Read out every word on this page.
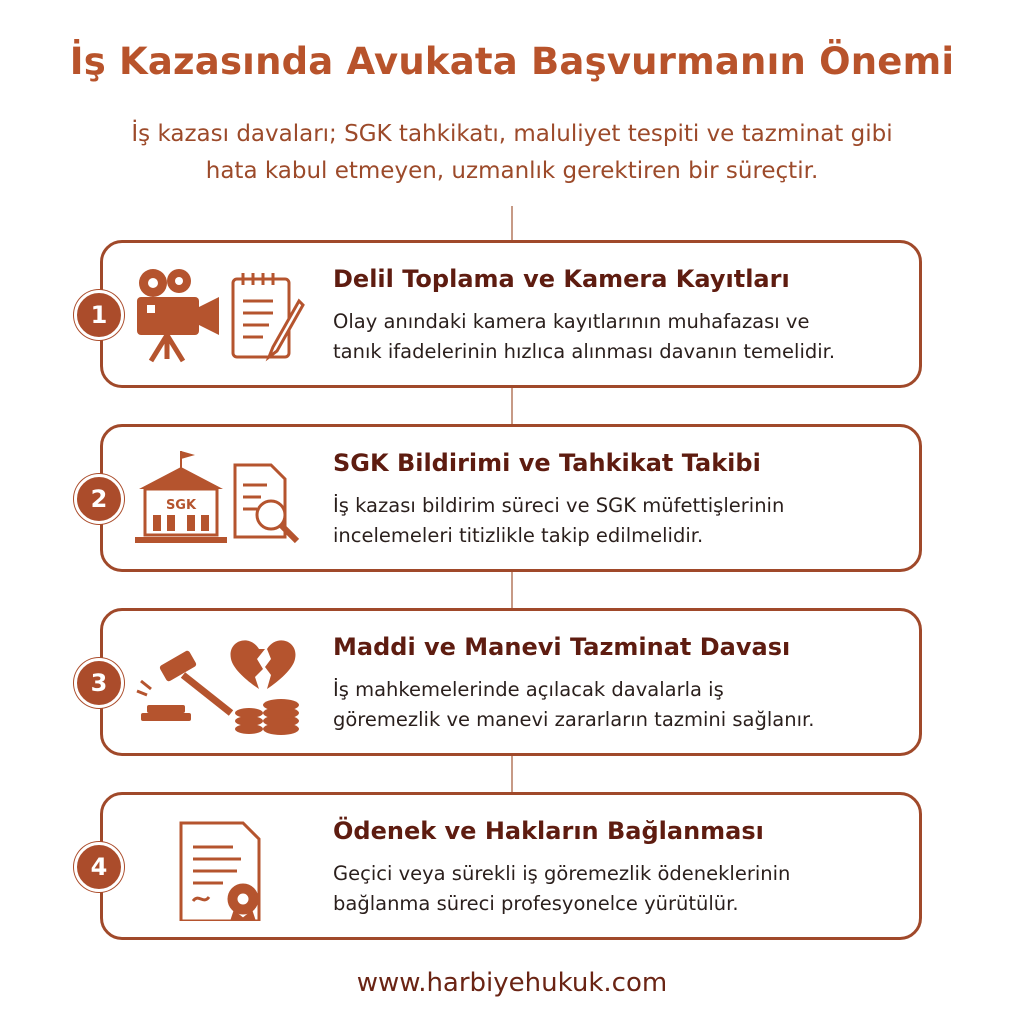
İş Kazasında Avukata Başvurmanın Önemi
İş kazası davaları; SGK tahkikatı, maluliyet tespiti ve tazminat gibi
hata kabul etmeyen, uzmanlık gerektiren bir süreçtir.
Delil Toplama ve Kamera Kayıtları
Olay anındaki kamera kayıtlarının muhafazası ve
tanık ifadelerinin hızlıca alınması davanın temelidir.
1
SGK
SGK Bildirimi ve Tahkikat Takibi
İş kazası bildirim süreci ve SGK müfettişlerinin
incelemeleri titizlikle takip edilmelidir.
2
Maddi ve Manevi Tazminat Davası
İş mahkemelerinde açılacak davalarla iş
göremezlik ve manevi zararların tazmini sağlanır.
3
Ödenek ve Hakların Bağlanması
Geçici veya sürekli iş göremezlik ödeneklerinin
bağlanma süreci profesyonelce yürütülür.
4
www.harbiyehukuk.com
